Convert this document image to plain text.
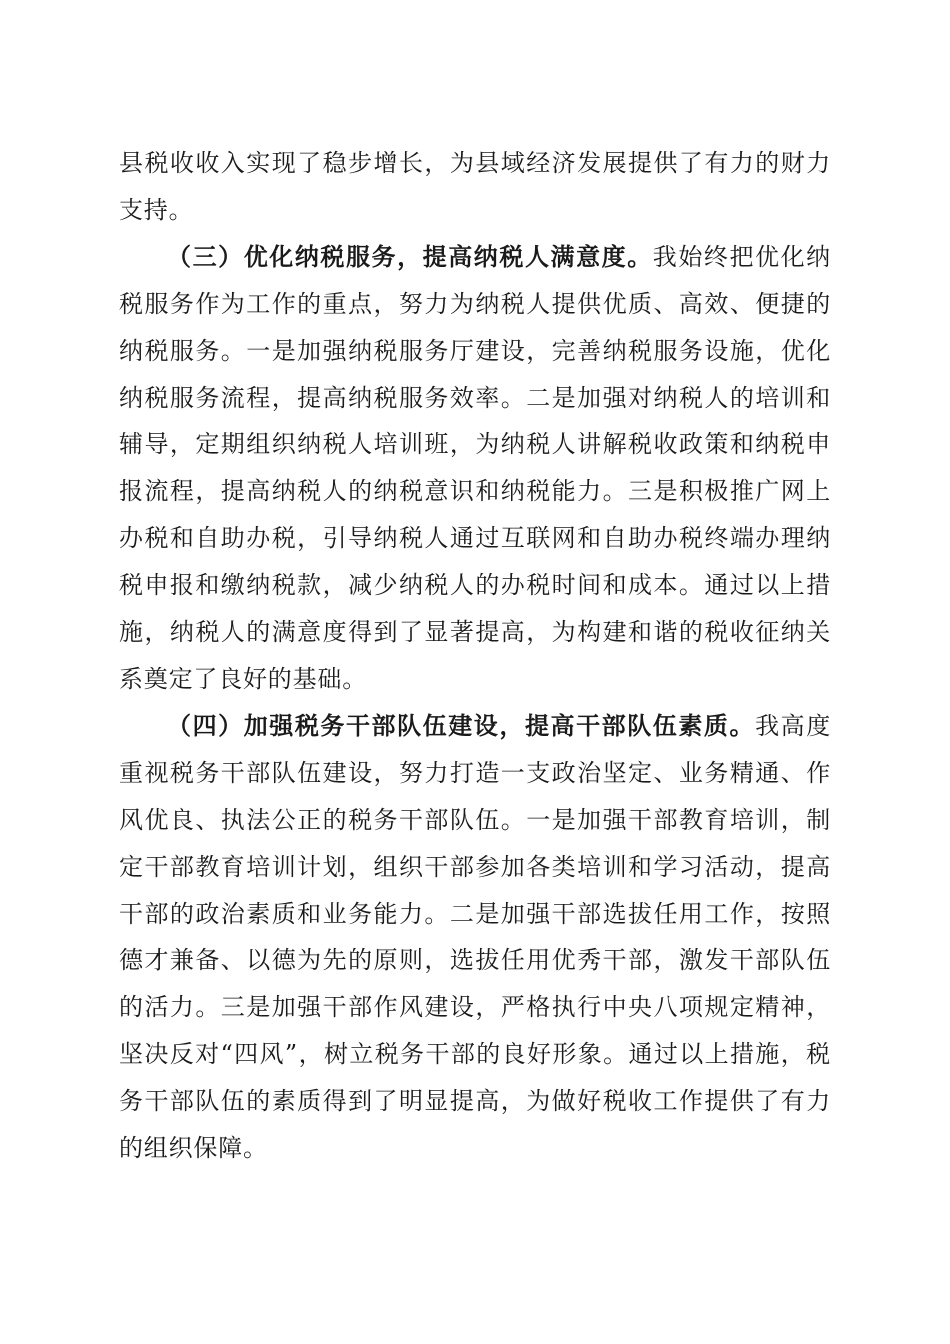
县税收收入实现了稳步增长，为县域经济发展提供了有力的财力支持。

（三）优化纳税服务，提高纳税人满意度。我始终把优化纳税服务作为工作的重点，努力为纳税人提供优质、高效、便捷的纳税服务。一是加强纳税服务厅建设，完善纳税服务设施，优化纳税服务流程，提高纳税服务效率。二是加强对纳税人的培训和辅导，定期组织纳税人培训班，为纳税人讲解税收政策和纳税申报流程，提高纳税人的纳税意识和纳税能力。三是积极推广网上办税和自助办税，引导纳税人通过互联网和自助办税终端办理纳税申报和缴纳税款，减少纳税人的办税时间和成本。通过以上措施，纳税人的满意度得到了显著提高，为构建和谐的税收征纳关系奠定了良好的基础。

（四）加强税务干部队伍建设，提高干部队伍素质。我高度重视税务干部队伍建设，努力打造一支政治坚定、业务精通、作风优良、执法公正的税务干部队伍。一是加强干部教育培训，制定干部教育培训计划，组织干部参加各类培训和学习活动，提高干部的政治素质和业务能力。二是加强干部选拔任用工作，按照德才兼备、以德为先的原则，选拔任用优秀干部，激发干部队伍的活力。三是加强干部作风建设，严格执行中央八项规定精神，坚决反对“四风”，树立税务干部的良好形象。通过以上措施，税务干部队伍的素质得到了明显提高，为做好税收工作提供了有力的组织保障。
